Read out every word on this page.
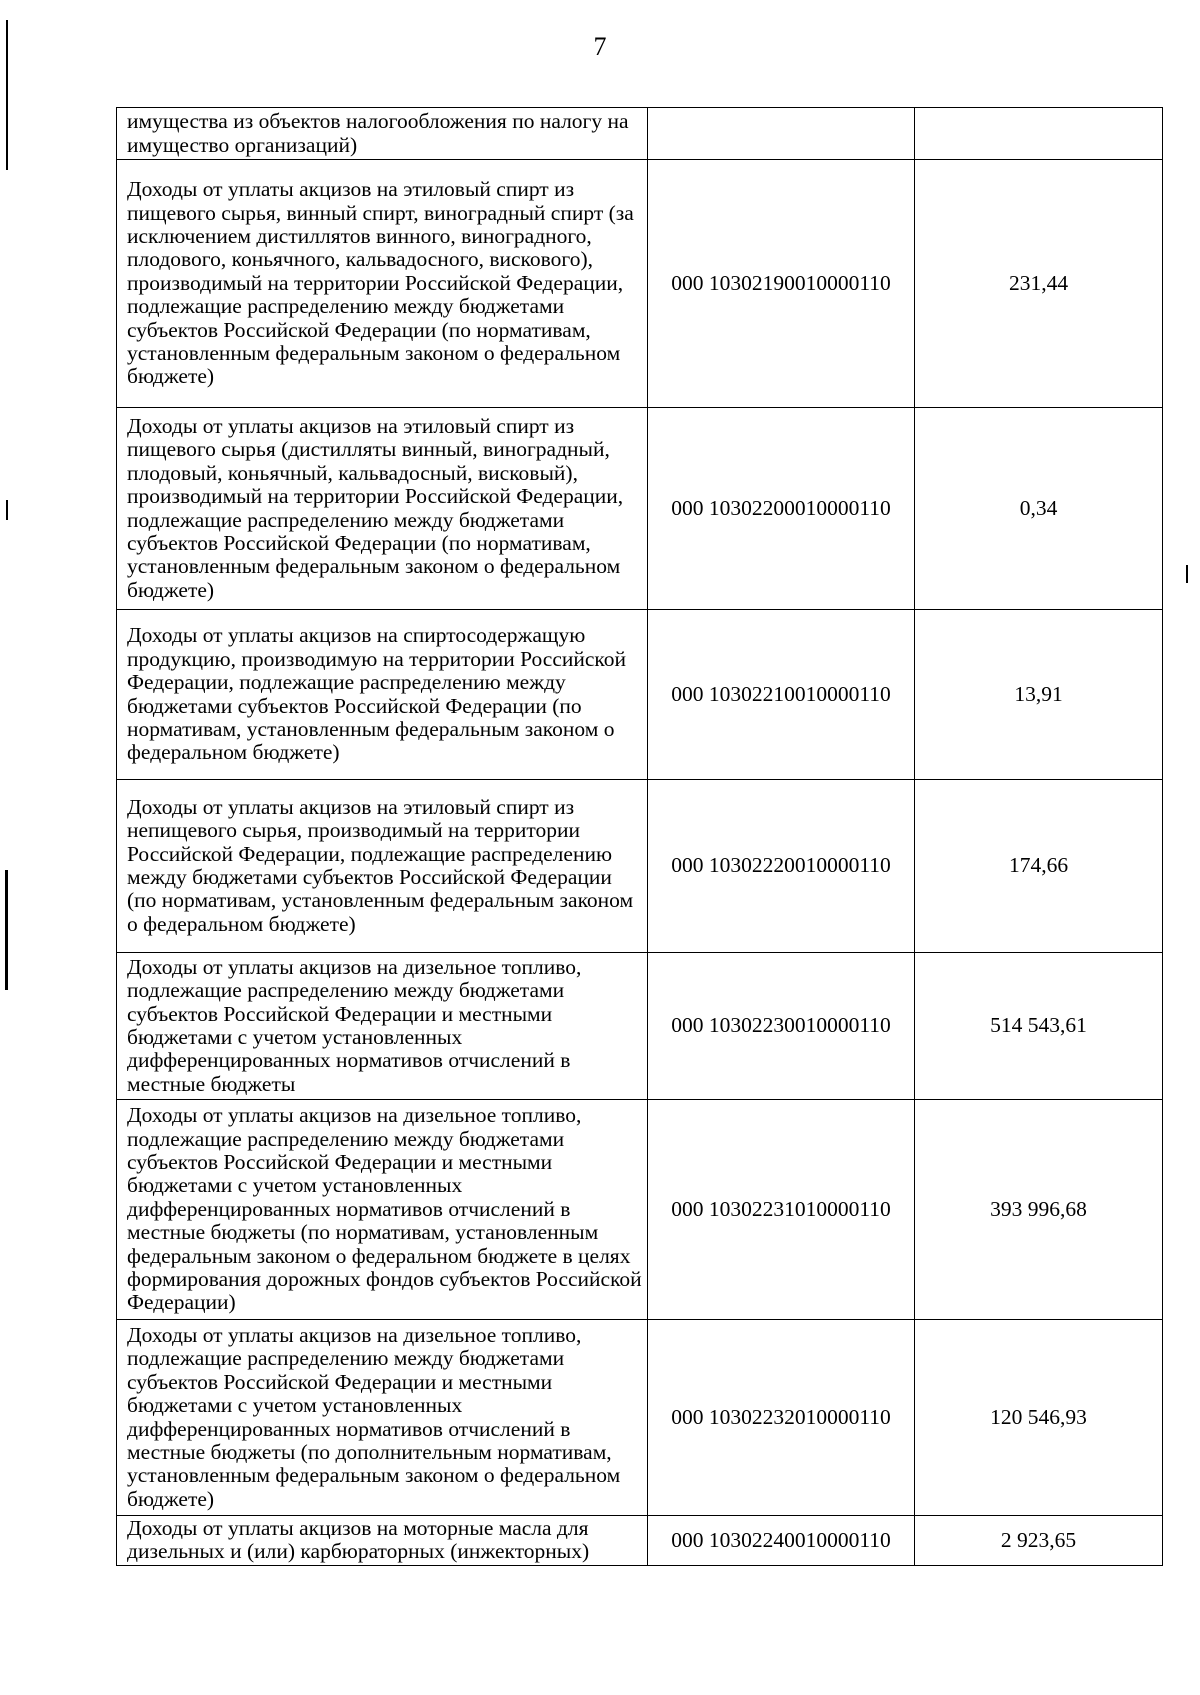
7
имущества из объектов налогообложения по налогу на имущество организаций)		
Доходы от уплаты акцизов на этиловый спирт из пищевого сырья, винный спирт, виноградный спирт (за исключением дистиллятов винного, виноградного, плодового, коньячного, кальвадосного, вискового), производимый на территории Российской Федерации, подлежащие распределению между бюджетами субъектов Российской Федерации (по нормативам, установленным федеральным законом о федеральном бюджете)	000 10302190010000110	231,44
Доходы от уплаты акцизов на этиловый спирт из пищевого сырья (дистилляты винный, виноградный, плодовый, коньячный, кальвадосный, висковый), производимый на территории Российской Федерации, подлежащие распределению между бюджетами субъектов Российской Федерации (по нормативам, установленным федеральным законом о федеральном бюджете)	000 10302200010000110	0,34
Доходы от уплаты акцизов на спиртосодержащую продукцию, производимую на территории Российской Федерации, подлежащие распределению между бюджетами субъектов Российской Федерации (по нормативам, установленным федеральным законом о федеральном бюджете)	000 10302210010000110	13,91
Доходы от уплаты акцизов на этиловый спирт из непищевого сырья, производимый на территории Российской Федерации, подлежащие распределению между бюджетами субъектов Российской Федерации (по нормативам, установленным федеральным законом о федеральном бюджете)	000 10302220010000110	174,66
Доходы от уплаты акцизов на дизельное топливо, подлежащие распределению между бюджетами субъектов Российской Федерации и местными бюджетами с учетом установленных дифференцированных нормативов отчислений в местные бюджеты	000 10302230010000110	514 543,61
Доходы от уплаты акцизов на дизельное топливо, подлежащие распределению между бюджетами субъектов Российской Федерации и местными бюджетами с учетом установленных дифференцированных нормативов отчислений в местные бюджеты (по нормативам, установленным федеральным законом о федеральном бюджете в целях формирования дорожных фондов субъектов Российской Федерации)	000 10302231010000110	393 996,68
Доходы от уплаты акцизов на дизельное топливо, подлежащие распределению между бюджетами субъектов Российской Федерации и местными бюджетами с учетом установленных дифференцированных нормативов отчислений в местные бюджеты (по дополнительным нормативам, установленным федеральным законом о федеральном бюджете)	000 10302232010000110	120 546,93
Доходы от уплаты акцизов на моторные масла для дизельных и (или) карбюраторных (инжекторных)	000 10302240010000110	2 923,65
